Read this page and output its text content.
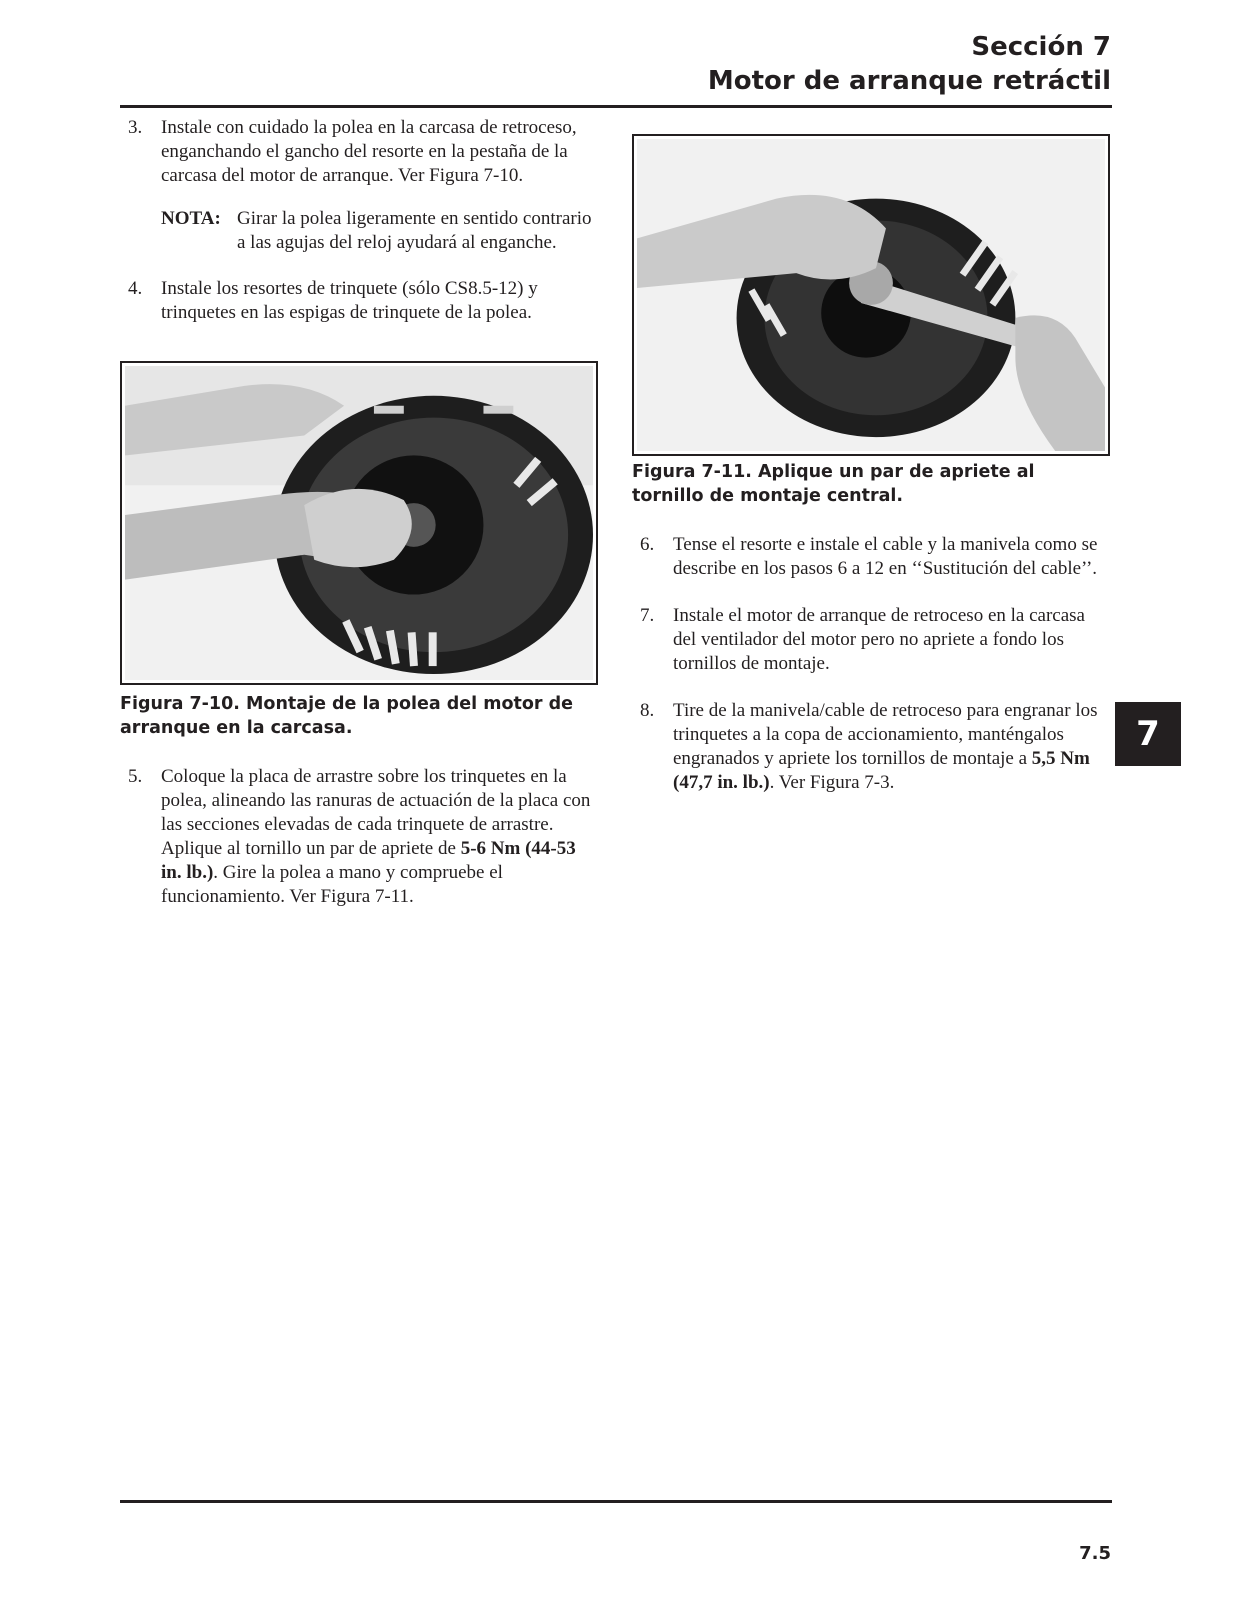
Sección 7
Motor de arranque retráctil
3. Instale con cuidado la polea en la carcasa de retroceso, enganchando el gancho del resorte en la pestaña de la carcasa del motor de arranque. Ver Figura 7-10.
NOTA: Girar la polea ligeramente en sentido contrario a las agujas del reloj ayudará al enganche.
4. Instale los resortes de trinquete (sólo CS8.5-12) y trinquetes en las espigas de trinquete de la polea.
Figura 7-10. Montaje de la polea del motor de arranque en la carcasa.
5. Coloque la placa de arrastre sobre los trinquetes en la polea, alineando las ranuras de actuación de la placa con las secciones elevadas de cada trinquete de arrastre. Aplique al tornillo un par de apriete de 5-6 Nm (44-53 in. lb.). Gire la polea a mano y compruebe el funcionamiento. Ver Figura 7-11.
Figura 7-11. Aplique un par de apriete al tornillo de montaje central.
6. Tense el resorte e instale el cable y la manivela como se describe en los pasos 6 a 12 en ‘‘Sustitución del cable’’.
7. Instale el motor de arranque de retroceso en la carcasa del ventilador del motor pero no apriete a fondo los tornillos de montaje.
8. Tire de la manivela/cable de retroceso para engranar los trinquetes a la copa de accionamiento, manténgalos engranados y apriete los tornillos de montaje a 5,5 Nm (47,7 in. lb.). Ver Figura 7-3.
7
7.5
